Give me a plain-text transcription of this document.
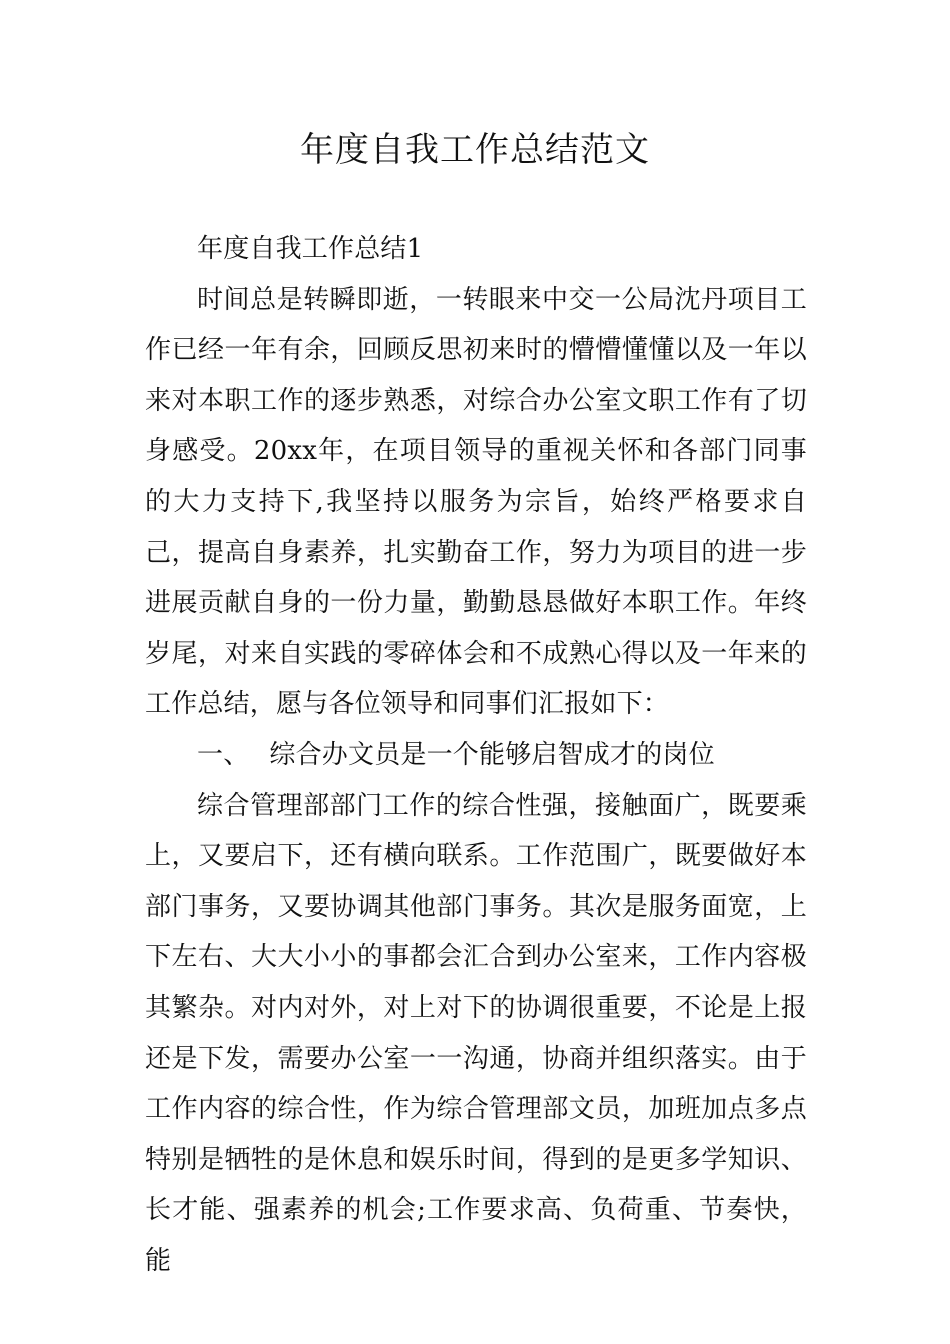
年度自我工作总结范文

年度自我工作总结1

时间总是转瞬即逝，一转眼来中交一公局沈丹项目工作已经一年有余，回顾反思初来时的懵懵懂懂以及一年以来对本职工作的逐步熟悉，对综合办公室文职工作有了切身感受。20xx年，在项目领导的重视关怀和各部门同事的大力支持下,我坚持以服务为宗旨，始终严格要求自己，提高自身素养，扎实勤奋工作，努力为项目的进一步进展贡献自身的一份力量，勤勤恳恳做好本职工作。年终岁尾，对来自实践的零碎体会和不成熟心得以及一年来的工作总结，愿与各位领导和同事们汇报如下：

一、 综合办文员是一个能够启智成才的岗位

综合管理部部门工作的综合性强，接触面广，既要乘上，又要启下，还有横向联系。工作范围广，既要做好本部门事务，又要协调其他部门事务。其次是服务面宽，上下左右、大大小小的事都会汇合到办公室来，工作内容极其繁杂。对内对外，对上对下的协调很重要，不论是上报还是下发，需要办公室一一沟通，协商并组织落实。由于工作内容的综合性，作为综合管理部文员，加班加点多点特别是牺牲的是休息和娱乐时间，得到的是更多学知识、长才能、强素养的机会;工作要求高、负荷重、节奏快，能
